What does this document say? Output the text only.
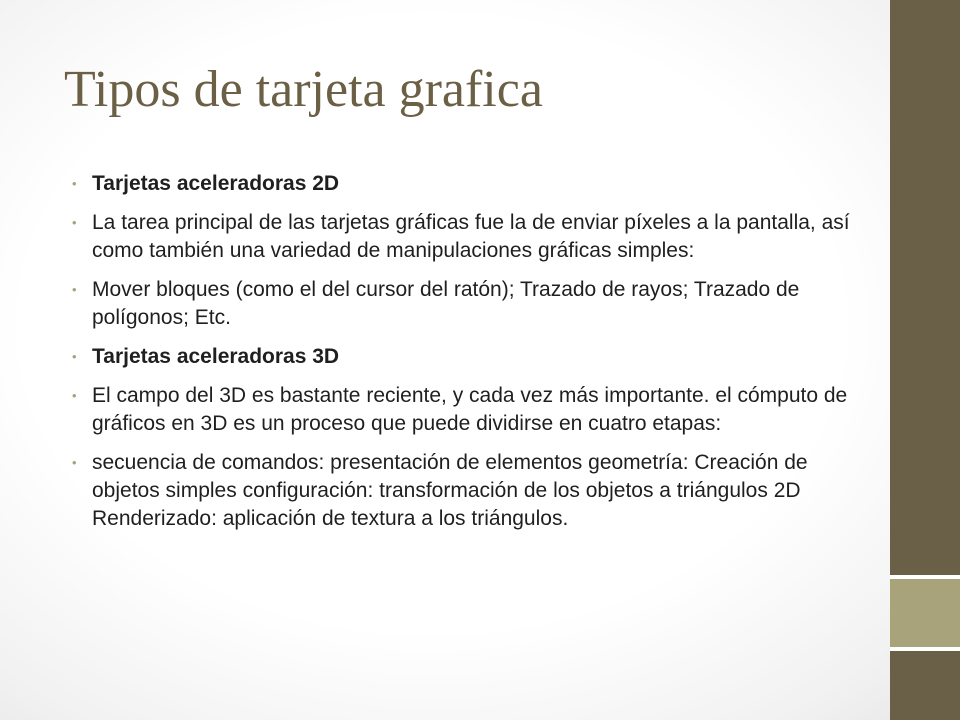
Tipos de tarjeta grafica
• Tarjetas aceleradoras 2D
• La tarea principal de las tarjetas gráficas fue la de enviar píxeles a la pantalla, así como también una variedad de manipulaciones gráficas simples:
• Mover bloques (como el del cursor del ratón); Trazado de rayos; Trazado de polígonos; Etc.
• Tarjetas aceleradoras 3D
• El campo del 3D es bastante reciente, y cada vez más importante. el cómputo de gráficos en 3D es un proceso que puede dividirse en cuatro etapas:
• secuencia de comandos: presentación de elementos geometría: Creación de objetos simples configuración: transformación de los objetos a triángulos 2D Renderizado: aplicación de textura a los triángulos.
